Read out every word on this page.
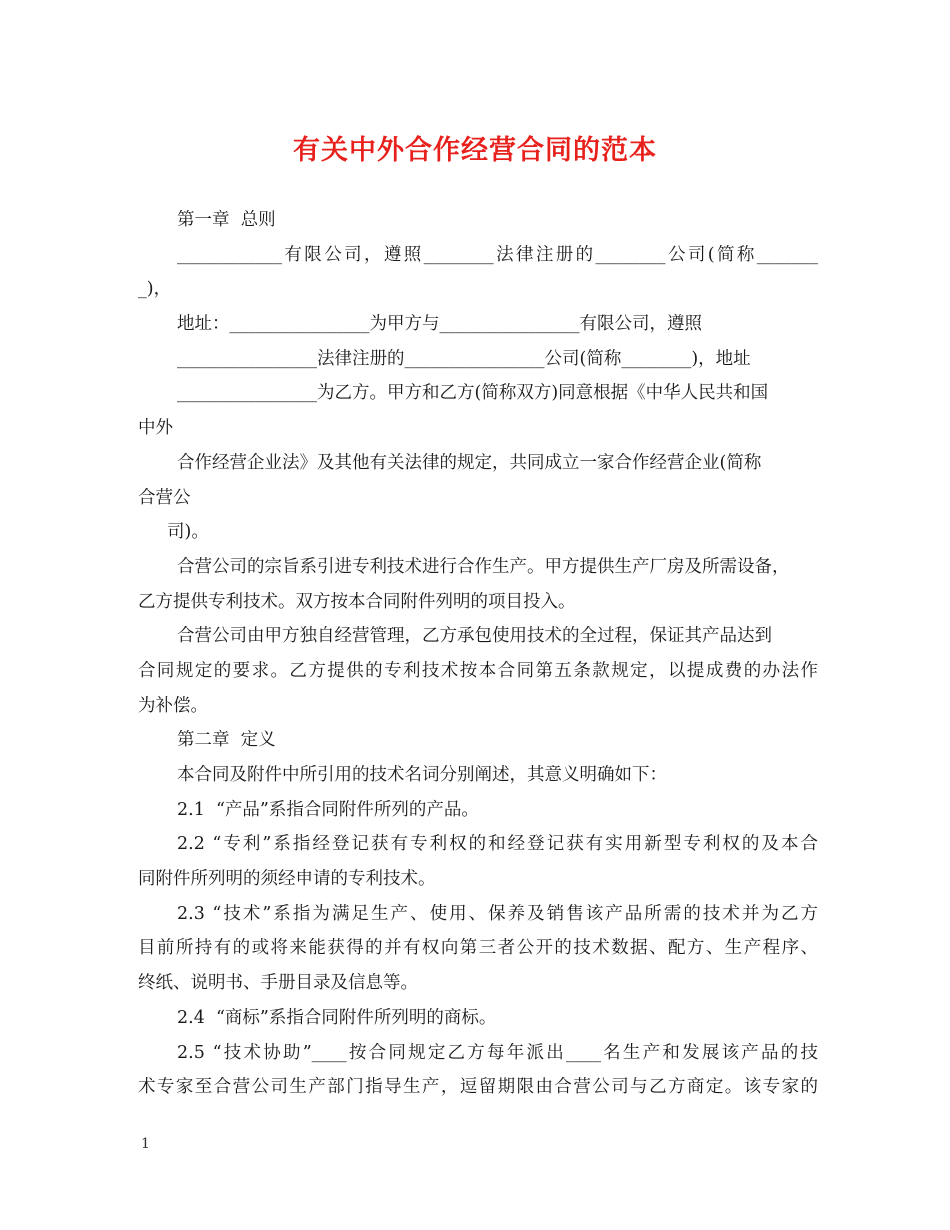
有关中外合作经营合同的范本
第一章  总则
____________有限公司，遵照________法律注册的________公司(简称_______
_)，
地址：________________为甲方与________________有限公司，遵照
________________法律注册的________________公司(简称________)，地址
________________为乙方。甲方和乙方(简称双方)同意根据《中华人民共和国
中外
合作经营企业法》及其他有关法律的规定，共同成立一家合作经营企业(简称
合营公
司)。
合营公司的宗旨系引进专利技术进行合作生产。甲方提供生产厂房及所需设备，
乙方提供专利技术。双方按本合同附件列明的项目投入。
合营公司由甲方独自经营管理，乙方承包使用技术的全过程，保证其产品达到
合同规定的要求。乙方提供的专利技术按本合同第五条款规定，以提成费的办法作
为补偿。
第二章  定义
本合同及附件中所引用的技术名词分别阐述，其意义明确如下：
2.1  “产品”系指合同附件所列的产品。
2.2 “专利”系指经登记获有专利权的和经登记获有实用新型专利权的及本合
同附件所列明的须经申请的专利技术。
2.3 “技术”系指为满足生产、使用、保养及销售该产品所需的技术并为乙方
目前所持有的或将来能获得的并有权向第三者公开的技术数据、配方、生产程序、
终纸、说明书、手册目录及信息等。
2.4  “商标”系指合同附件所列明的商标。
2.5 “技术协助”____按合同规定乙方每年派出____名生产和发展该产品的技
术专家至合营公司生产部门指导生产，逗留期限由合营公司与乙方商定。该专家的
1
